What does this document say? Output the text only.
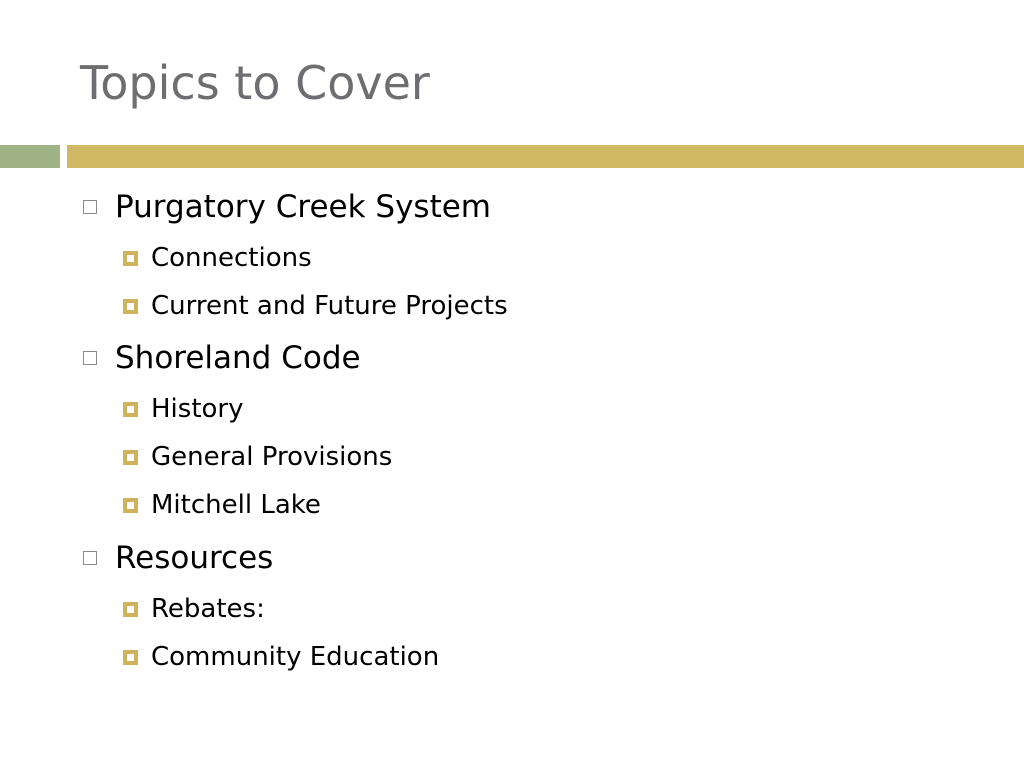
Topics to Cover
Purgatory Creek System
Connections
Current and Future Projects
Shoreland Code
History
General Provisions
Mitchell Lake
Resources
Rebates:
Community Education
